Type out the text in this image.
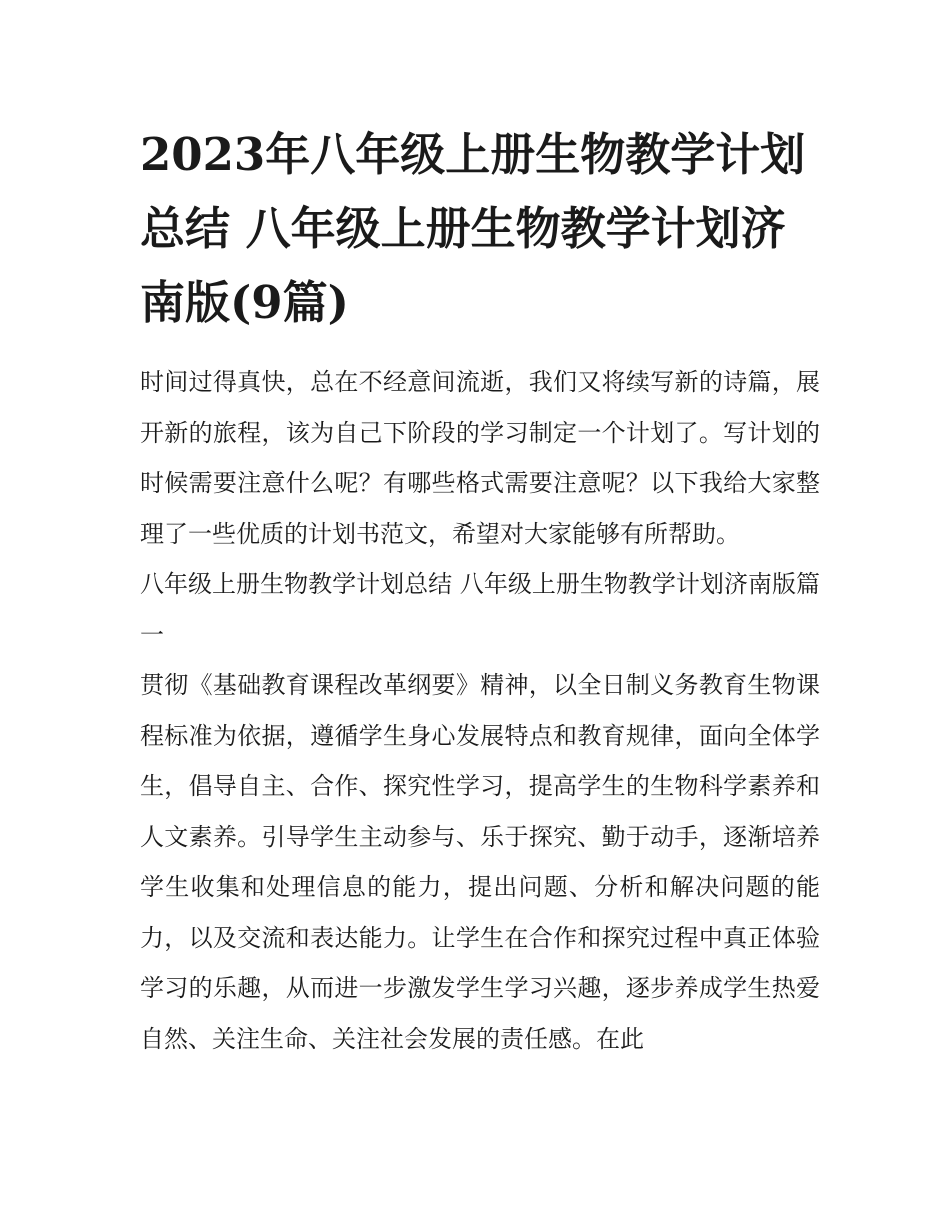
2023年八年级上册生物教学计划总结 八年级上册生物教学计划济南版(9篇)

时间过得真快，总在不经意间流逝，我们又将续写新的诗篇，展开新的旅程，该为自己下阶段的学习制定一个计划了。写计划的时候需要注意什么呢？有哪些格式需要注意呢？以下我给大家整理了一些优质的计划书范文，希望对大家能够有所帮助。

八年级上册生物教学计划总结 八年级上册生物教学计划济南版篇一

贯彻《基础教育课程改革纲要》精神，以全日制义务教育生物课程标准为依据，遵循学生身心发展特点和教育规律，面向全体学生，倡导自主、合作、探究性学习，提高学生的生物科学素养和人文素养。引导学生主动参与、乐于探究、勤于动手，逐渐培养学生收集和处理信息的能力，提出问题、分析和解决问题的能力，以及交流和表达能力。让学生在合作和探究过程中真正体验学习的乐趣，从而进一步激发学生学习兴趣，逐步养成学生热爱自然、关注生命、关注社会发展的责任感。在此
